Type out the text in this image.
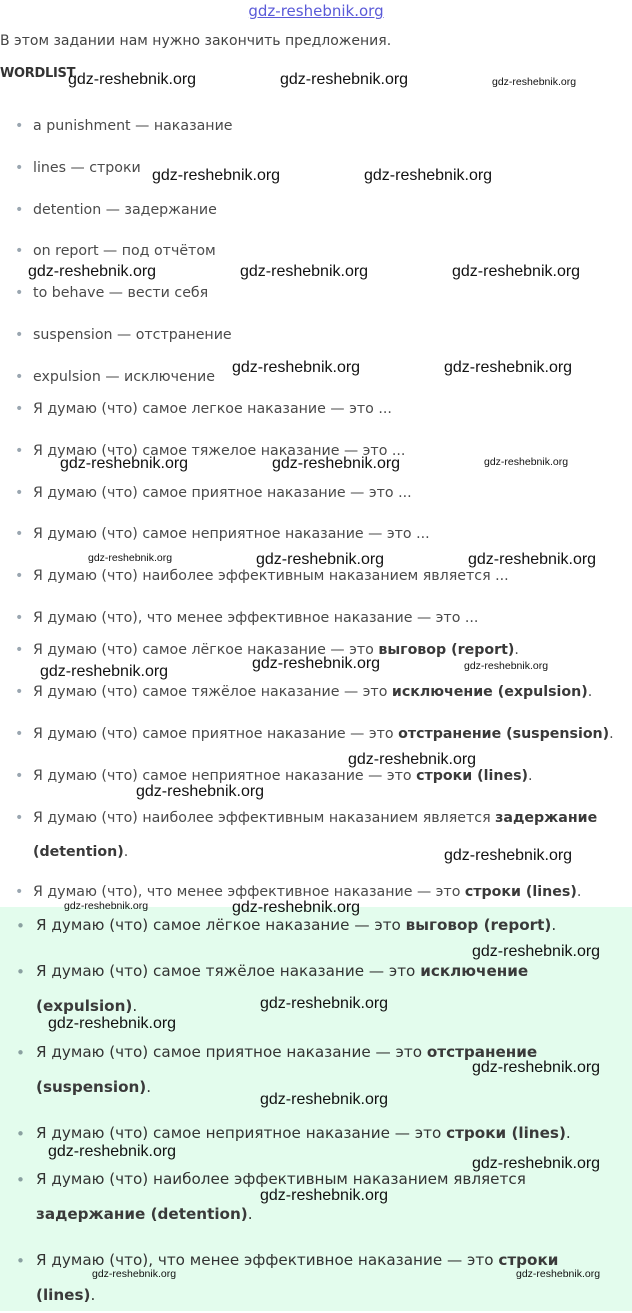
gdz-reshebnik.org
В этом задании нам нужно закончить предложения.
WORDLIST
• a punishment — наказание
• lines — строки
• detention — задержание
• on report — под отчётом
• to behave — вести себя
• suspension — отстранение
• expulsion — исключение
• Я думаю (что) самое легкое наказание — это ...
• Я думаю (что) самое тяжелое наказание — это ...
• Я думаю (что) самое приятное наказание — это ...
• Я думаю (что) самое неприятное наказание — это ...
• Я думаю (что) наиболее эффективным наказанием является ...
• Я думаю (что), что менее эффективное наказание — это ...
• Я думаю (что) самое лёгкое наказание — это выговор (report).
• Я думаю (что) самое тяжёлое наказание — это исключение (expulsion).
• Я думаю (что) самое приятное наказание — это отстранение (suspension).
• Я думаю (что) самое неприятное наказание — это строки (lines).
• Я думаю (что) наиболее эффективным наказанием является задержание (detention).
• Я думаю (что), что менее эффективное наказание — это строки (lines).
• Я думаю (что) самое лёгкое наказание — это выговор (report).
• Я думаю (что) самое тяжёлое наказание — это исключение (expulsion).
• Я думаю (что) самое приятное наказание — это отстранение (suspension).
• Я думаю (что) самое неприятное наказание — это строки (lines).
• Я думаю (что) наиболее эффективным наказанием является задержание (detention).
• Я думаю (что), что менее эффективное наказание — это строки (lines).
gdz-reshebnik.org	gdz-reshebnik.org	gdz-reshebnik.org
gdz-reshebnik.org	gdz-reshebnik.org
gdz-reshebnik.org	gdz-reshebnik.org	gdz-reshebnik.org
gdz-reshebnik.org	gdz-reshebnik.org
gdz-reshebnik.org	gdz-reshebnik.org	gdz-reshebnik.org
gdz-reshebnik.org	gdz-reshebnik.org	gdz-reshebnik.org
gdz-reshebnik.org	gdz-reshebnik.org	gdz-reshebnik.org
gdz-reshebnik.org
gdz-reshebnik.org
gdz-reshebnik.org
gdz-reshebnik.org	gdz-reshebnik.org
gdz-reshebnik.org
gdz-reshebnik.org
gdz-reshebnik.org
gdz-reshebnik.org
gdz-reshebnik.org
gdz-reshebnik.org
gdz-reshebnik.org
gdz-reshebnik.org
gdz-reshebnik.org	gdz-reshebnik.org
